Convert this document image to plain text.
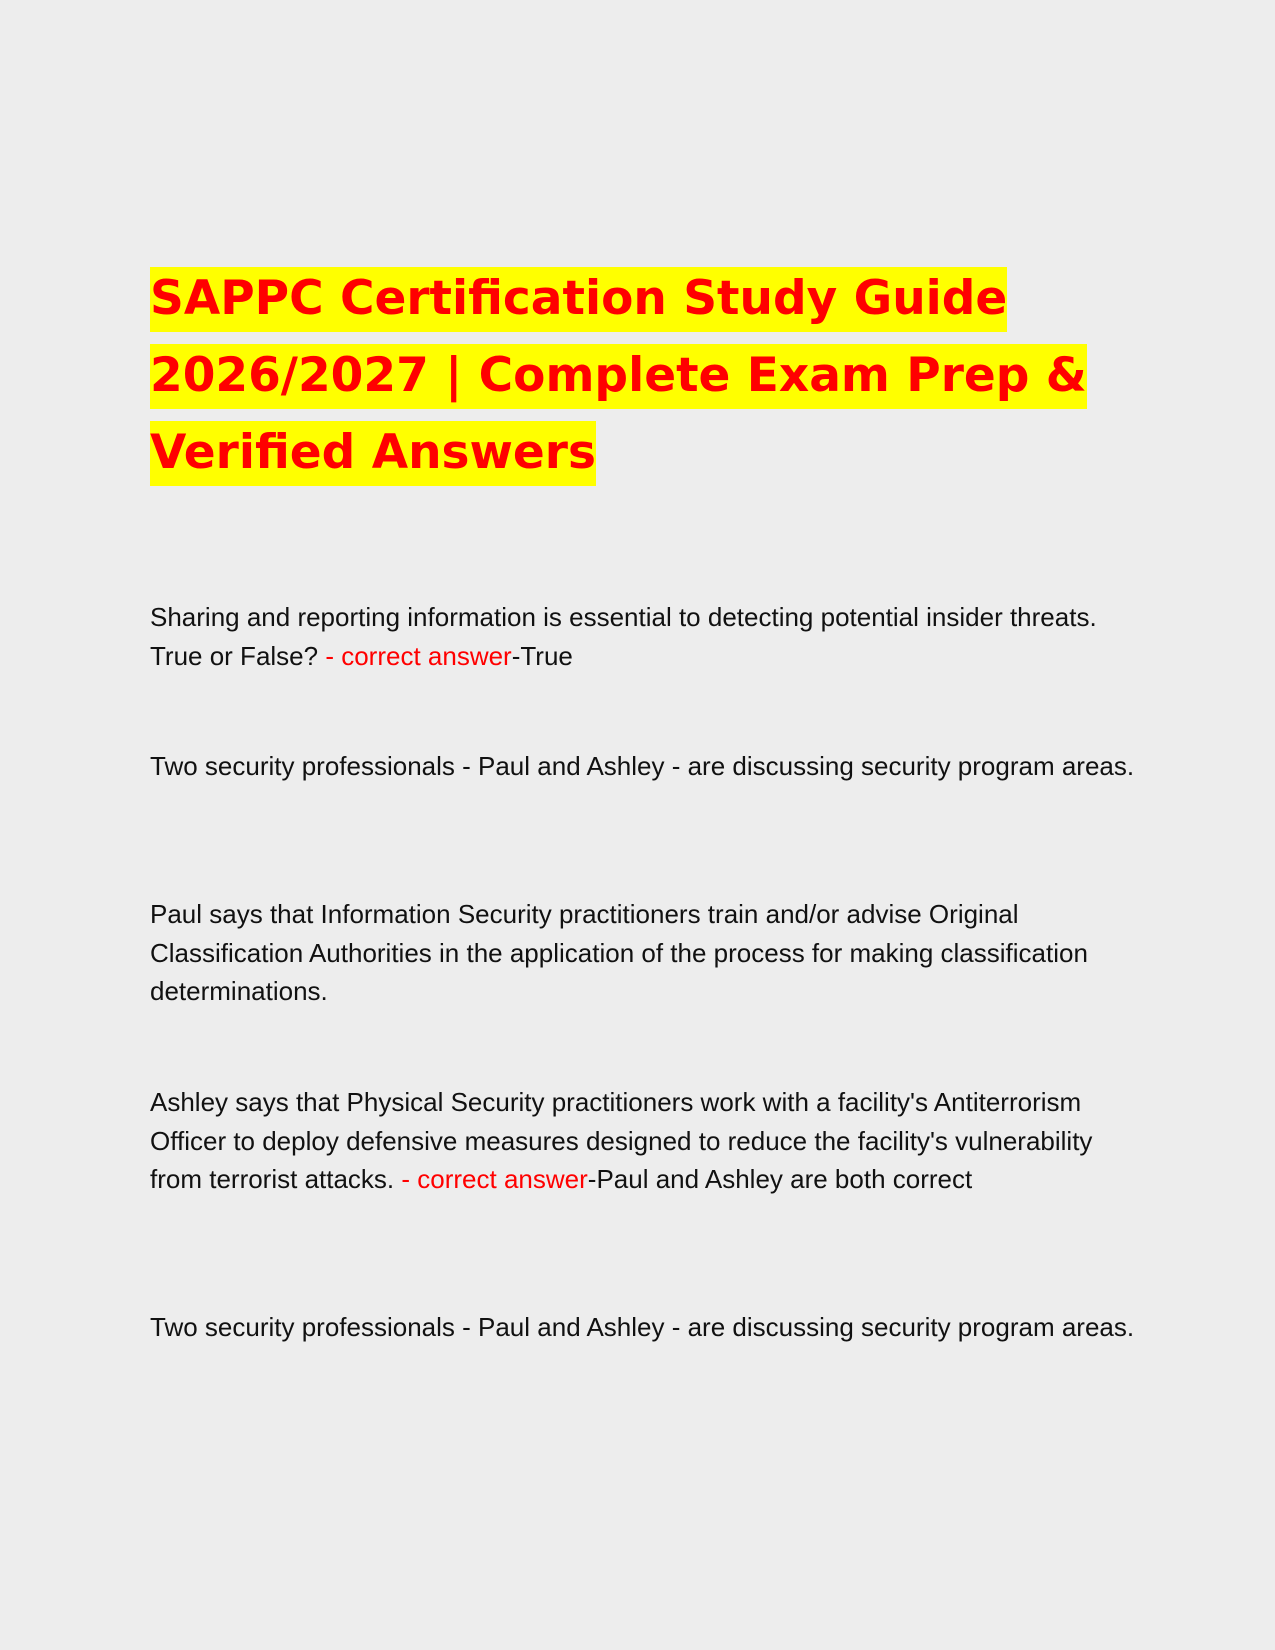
SAPPC Certification Study Guide
2026/2027 | Complete Exam Prep &
Verified Answers

Sharing and reporting information is essential to detecting potential insider threats. True or False? - correct answer-True

Two security professionals - Paul and Ashley - are discussing security program areas.

Paul says that Information Security practitioners train and/or advise Original Classification Authorities in the application of the process for making classification determinations.

Ashley says that Physical Security practitioners work with a facility's Antiterrorism Officer to deploy defensive measures designed to reduce the facility's vulnerability from terrorist attacks. - correct answer-Paul and Ashley are both correct

Two security professionals - Paul and Ashley - are discussing security program areas.
